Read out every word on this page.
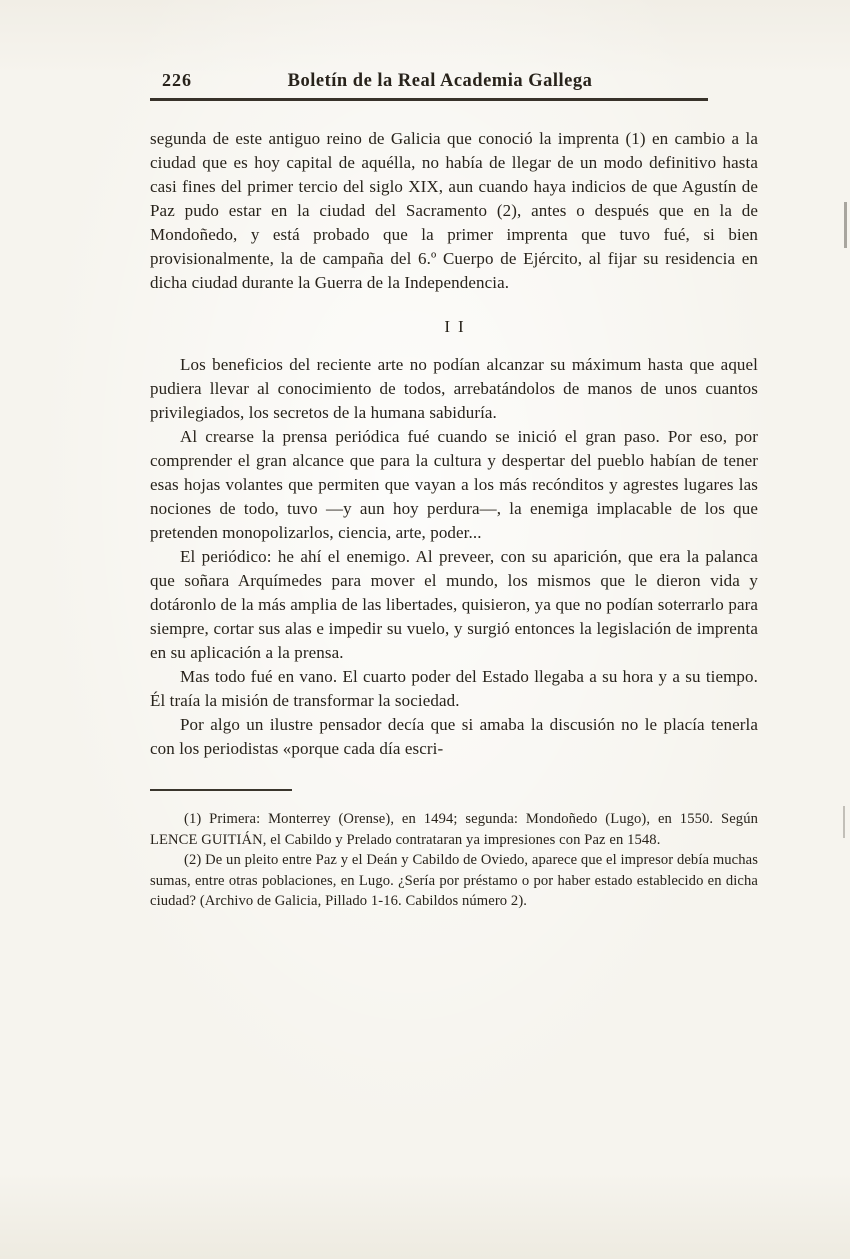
226	Boletín de la Real Academia Gallega

segunda de este antiguo reino de Galicia que conoció la imprenta (1) en cambio a la ciudad que es hoy capital de aquélla, no había de llegar de un modo definitivo hasta casi fines del primer tercio del siglo XIX, aun cuando haya indicios de que Agustín de Paz pudo estar en la ciudad del Sacramento (2), antes o después que en la de Mondoñedo, y está probado que la primer imprenta que tuvo fué, si bien provisionalmente, la de campaña del 6.º Cuerpo de Ejército, al fijar su residencia en dicha ciudad durante la Guerra de la Independencia.

II

Los beneficios del reciente arte no podían alcanzar su máximum hasta que aquel pudiera llevar al conocimiento de todos, arrebatándolos de manos de unos cuantos privilegiados, los secretos de la humana sabiduría.

Al crearse la prensa periódica fué cuando se inició el gran paso. Por eso, por comprender el gran alcance que para la cultura y despertar del pueblo habían de tener esas hojas volantes que permiten que vayan a los más recónditos y agrestes lugares las nociones de todo, tuvo —y aun hoy perdura—, la enemiga implacable de los que pretenden monopolizarlos, ciencia, arte, poder...

El periódico: he ahí el enemigo. Al preveer, con su aparición, que era la palanca que soñara Arquímedes para mover el mundo, los mismos que le dieron vida y dotáronlo de la más amplia de las libertades, quisieron, ya que no podían soterrarlo para siempre, cortar sus alas e impedir su vuelo, y surgió entonces la legislación de imprenta en su aplicación a la prensa.

Mas todo fué en vano. El cuarto poder del Estado llegaba a su hora y a su tiempo. Él traía la misión de transformar la sociedad.

Por algo un ilustre pensador decía que si amaba la discusión no le placía tenerla con los periodistas «porque cada día escri-

(1) Primera: Monterrey (Orense), en 1494; segunda: Mondoñedo (Lugo), en 1550. Según LENCE GUITIÁN, el Cabildo y Prelado contrataran ya impresiones con Paz en 1548.

(2) De un pleito entre Paz y el Deán y Cabildo de Oviedo, aparece que el impresor debía muchas sumas, entre otras poblaciones, en Lugo. ¿Sería por préstamo o por haber estado establecido en dicha ciudad? (Archivo de Galicia, Pillado 1-16. Cabildos número 2).
